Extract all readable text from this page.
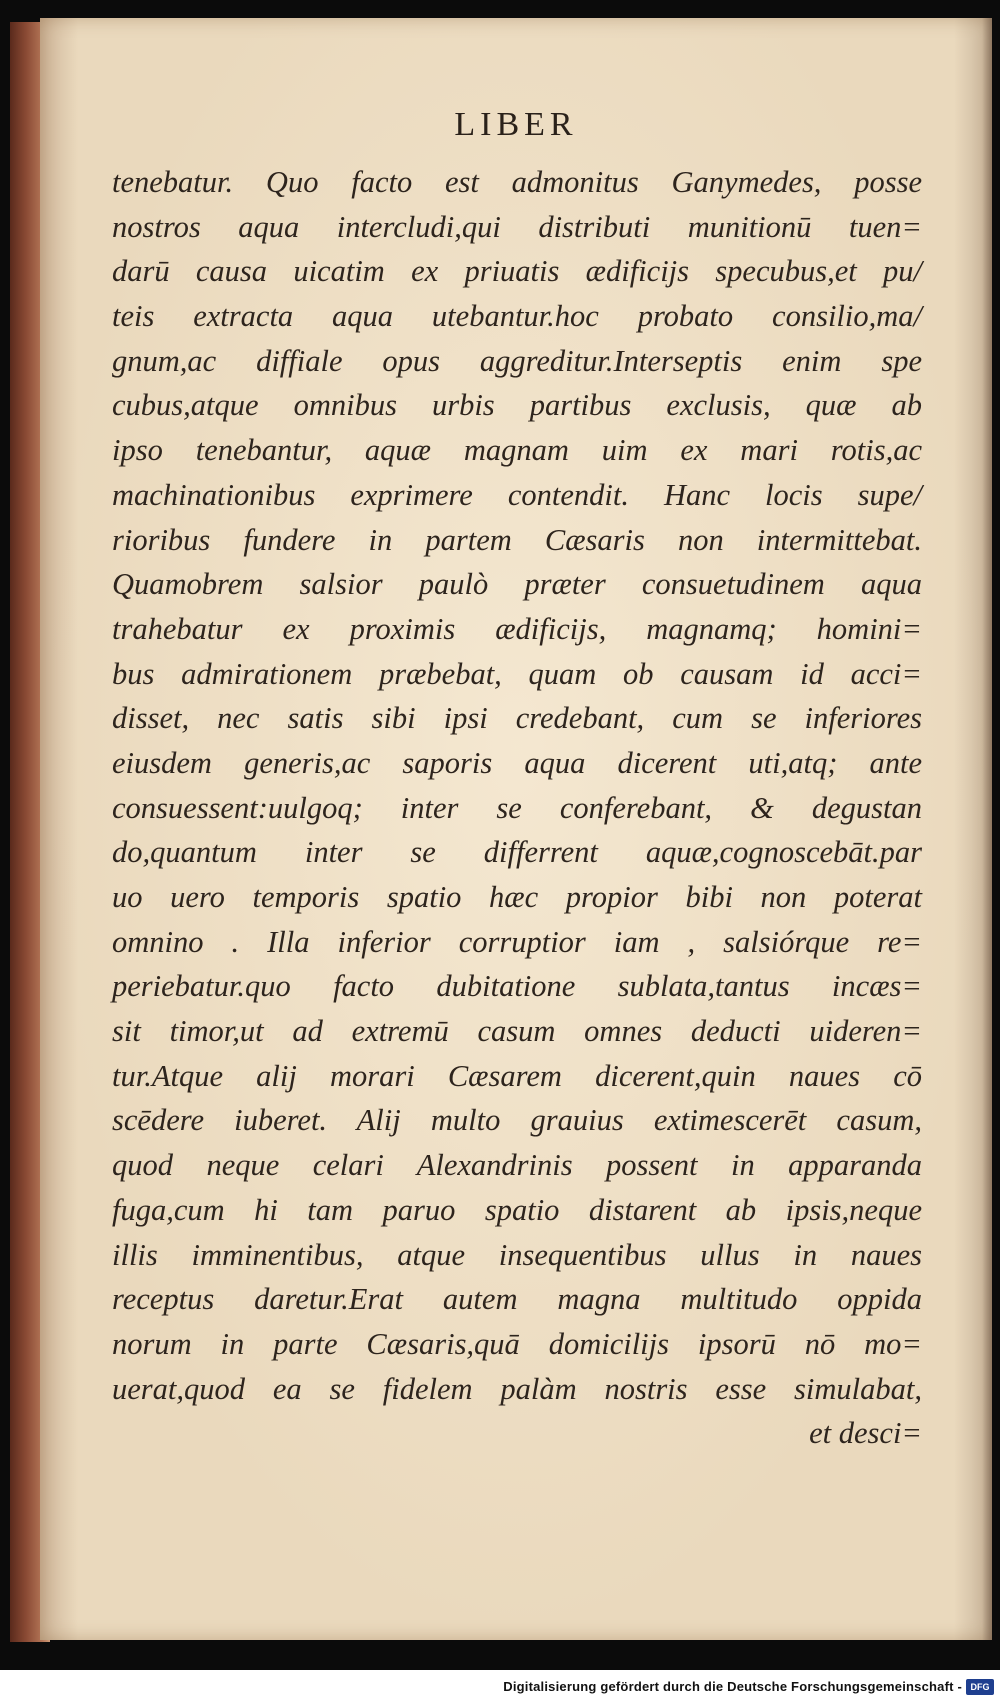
LIBER
tenebatur. Quo facto est admonitus Ganymedes, posse
nostros aqua intercludi,qui distributi munitionū tuen=
darū causa uicatim ex priuatis ædificijs specubus,et pu/
teis extracta aqua utebantur.hoc probato consilio,ma/
gnum,ac diffiale opus aggreditur.Interseptis enim spe
cubus,atque omnibus urbis partibus exclusis, quæ ab
ipso tenebantur, aquæ magnam uim ex mari rotis,ac
machinationibus exprimere contendit. Hanc locis supe/
rioribus fundere in partem Cæsaris non intermittebat.
Quamobrem salsior paulò præter consuetudinem aqua
trahebatur ex proximis ædificijs, magnamq; homini=
bus admirationem præbebat, quam ob causam id acci=
disset, nec satis sibi ipsi credebant, cum se inferiores
eiusdem generis,ac saporis aqua dicerent uti,atq; ante
consuessent:uulgoq; inter se conferebant, & degustan
do,quantum inter se differrent aquæ,cognoscebāt.par
uo uero temporis spatio hæc propior bibi non poterat
omnino . Illa inferior corruptior iam , salsiórque re=
periebatur.quo facto dubitatione sublata,tantus incæs=
sit timor,ut ad extremū casum omnes deducti uideren=
tur.Atque alij morari Cæsarem dicerent,quin naues cō
scēdere iuberet. Alij multo grauius extimescerēt casum,
quod neque celari Alexandrinis possent in apparanda
fuga,cum hi tam paruo spatio distarent ab ipsis,neque
illis imminentibus, atque insequentibus ullus in naues
receptus daretur.Erat autem magna multitudo oppida
norum in parte Cæsaris,quā domicilijs ipsorū nō mo=
uerat,quod ea se fidelem palàm nostris esse simulabat,
et desci=
Digitalisierung gefördert durch die Deutsche Forschungsgemeinschaft - DFG
